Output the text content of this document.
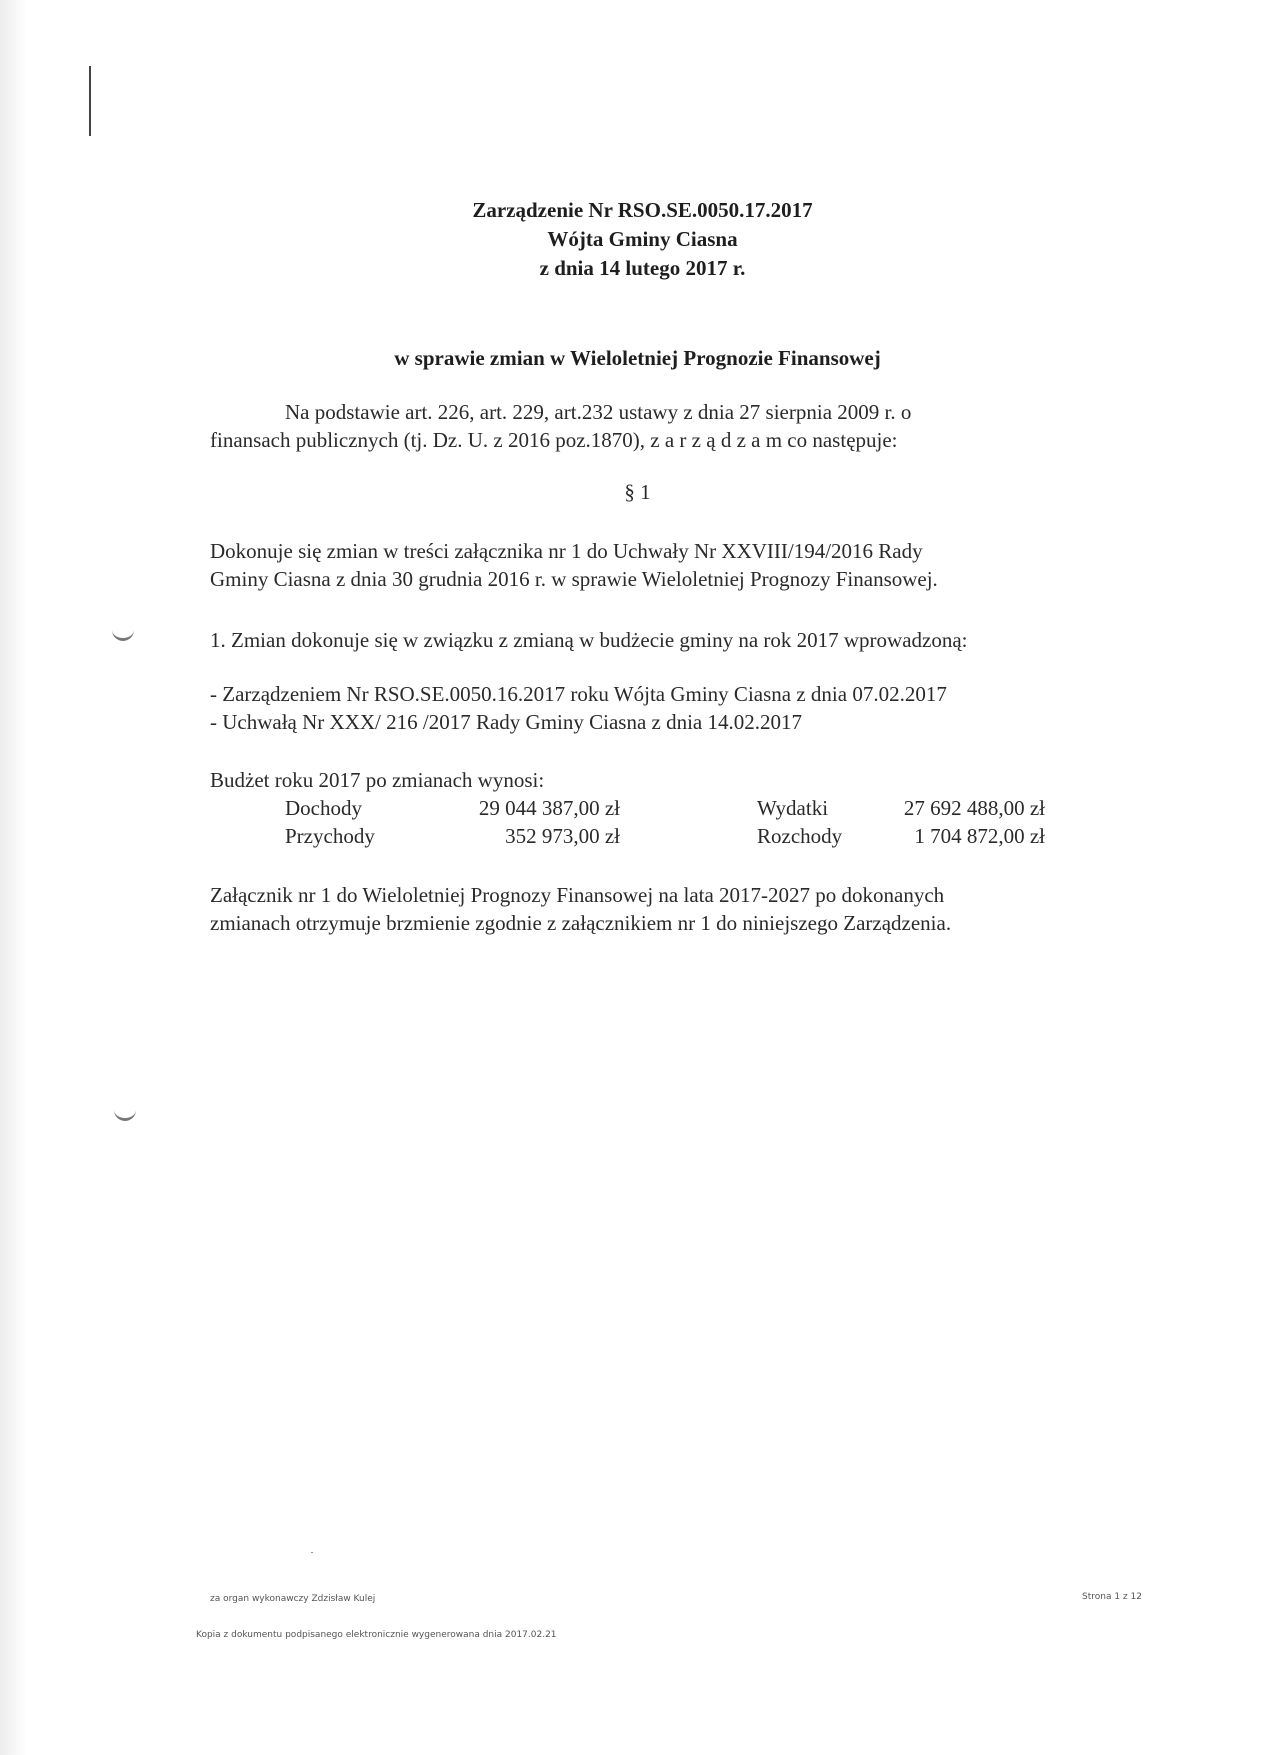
Zarządzenie Nr RSO.SE.0050.17.2017
Wójta Gminy Ciasna
z dnia 14 lutego 2017 r.
w sprawie zmian w Wieloletniej Prognozie Finansowej
Na podstawie art. 226, art. 229, art.232 ustawy z dnia 27 sierpnia 2009 r. o
finansach publicznych (tj. Dz. U. z 2016 poz.1870), z a r z ą d z a m co następuje:
§ 1
Dokonuje się zmian w treści załącznika nr 1 do Uchwały Nr XXVIII/194/2016 Rady
Gminy Ciasna z dnia 30 grudnia 2016 r. w sprawie Wieloletniej Prognozy Finansowej.
1. Zmian dokonuje się w związku z zmianą w budżecie gminy na rok 2017 wprowadzoną:
- Zarządzeniem Nr RSO.SE.0050.16.2017 roku Wójta Gminy Ciasna z dnia 07.02.2017
- Uchwałą Nr XXX/ 216 /2017 Rady Gminy Ciasna z dnia 14.02.2017
Budżet roku 2017 po zmianach wynosi:
Dochody	29 044 387,00 zł	Wydatki	27 692 488,00 zł
Przychody	352 973,00 zł	Rozchody	1 704 872,00 zł
Załącznik nr 1 do Wieloletniej Prognozy Finansowej na lata 2017-2027 po dokonanych
zmianach otrzymuje brzmienie zgodnie z załącznikiem nr 1 do niniejszego Zarządzenia.
za organ wykonawczy Zdzisław Kulej	Strona 1 z 12
Kopia z dokumentu podpisanego elektronicznie wygenerowana dnia 2017.02.21
